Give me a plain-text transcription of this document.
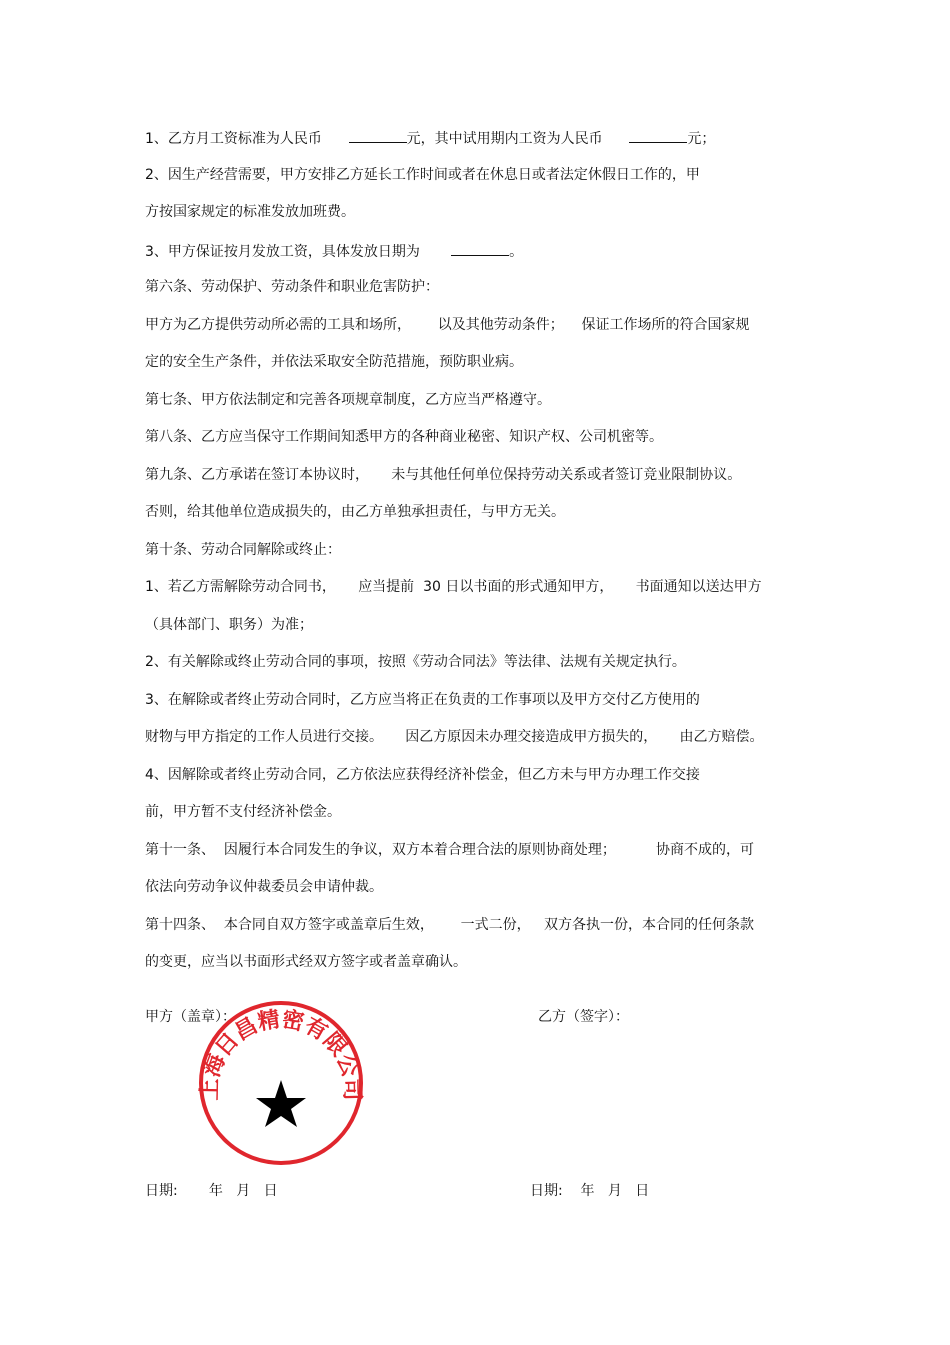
1、乙方月工资标准为人民币	元，其中试用期内工资为人民币	元；
2、因生产经营需要，甲方安排乙方延长工作时间或者在休息日或者法定休假日工作的，甲
方按国家规定的标准发放加班费。
3、甲方保证按月发放工资，具体发放日期为	。
第六条、劳动保护、劳动条件和职业危害防护：
甲方为乙方提供劳动所必需的工具和场所， 以及其他劳动条件； 保证工作场所的符合国家规
定的安全生产条件，并依法采取安全防范措施，预防职业病。
第七条、甲方依法制定和完善各项规章制度，乙方应当严格遵守。
第八条、乙方应当保守工作期间知悉甲方的各种商业秘密、知识产权、公司机密等。
第九条、乙方承诺在签订本协议时， 未与其他任何单位保持劳动关系或者签订竞业限制协议。
否则，给其他单位造成损失的，由乙方单独承担责任，与甲方无关。
第十条、劳动合同解除或终止：
1、若乙方需解除劳动合同书， 应当提前 30 日以书面的形式通知甲方， 书面通知以送达甲方
（具体部门、职务）为准；
2、有关解除或终止劳动合同的事项，按照《劳动合同法》等法律、法规有关规定执行。
3、在解除或者终止劳动合同时，乙方应当将正在负责的工作事项以及甲方交付乙方使用的
财物与甲方指定的工作人员进行交接。 因乙方原因未办理交接造成甲方损失的， 由乙方赔偿。
4、因解除或者终止劳动合同，乙方依法应获得经济补偿金，但乙方未与甲方办理工作交接
前，甲方暂不支付经济补偿金。
第十一条、 因履行本合同发生的争议，双方本着合理合法的原则协商处理；	协商不成的，可
依法向劳动争议仲裁委员会申请仲裁。
第十四条、 本合同自双方签字或盖章后生效， 一式二份， 双方各执一份，本合同的任何条款
的变更，应当以书面形式经双方签字或者盖章确认。
甲方（盖章）：	乙方（签字）：
上海日昌精密有限公司
日期: 年 月 日	日期: 年 月 日
